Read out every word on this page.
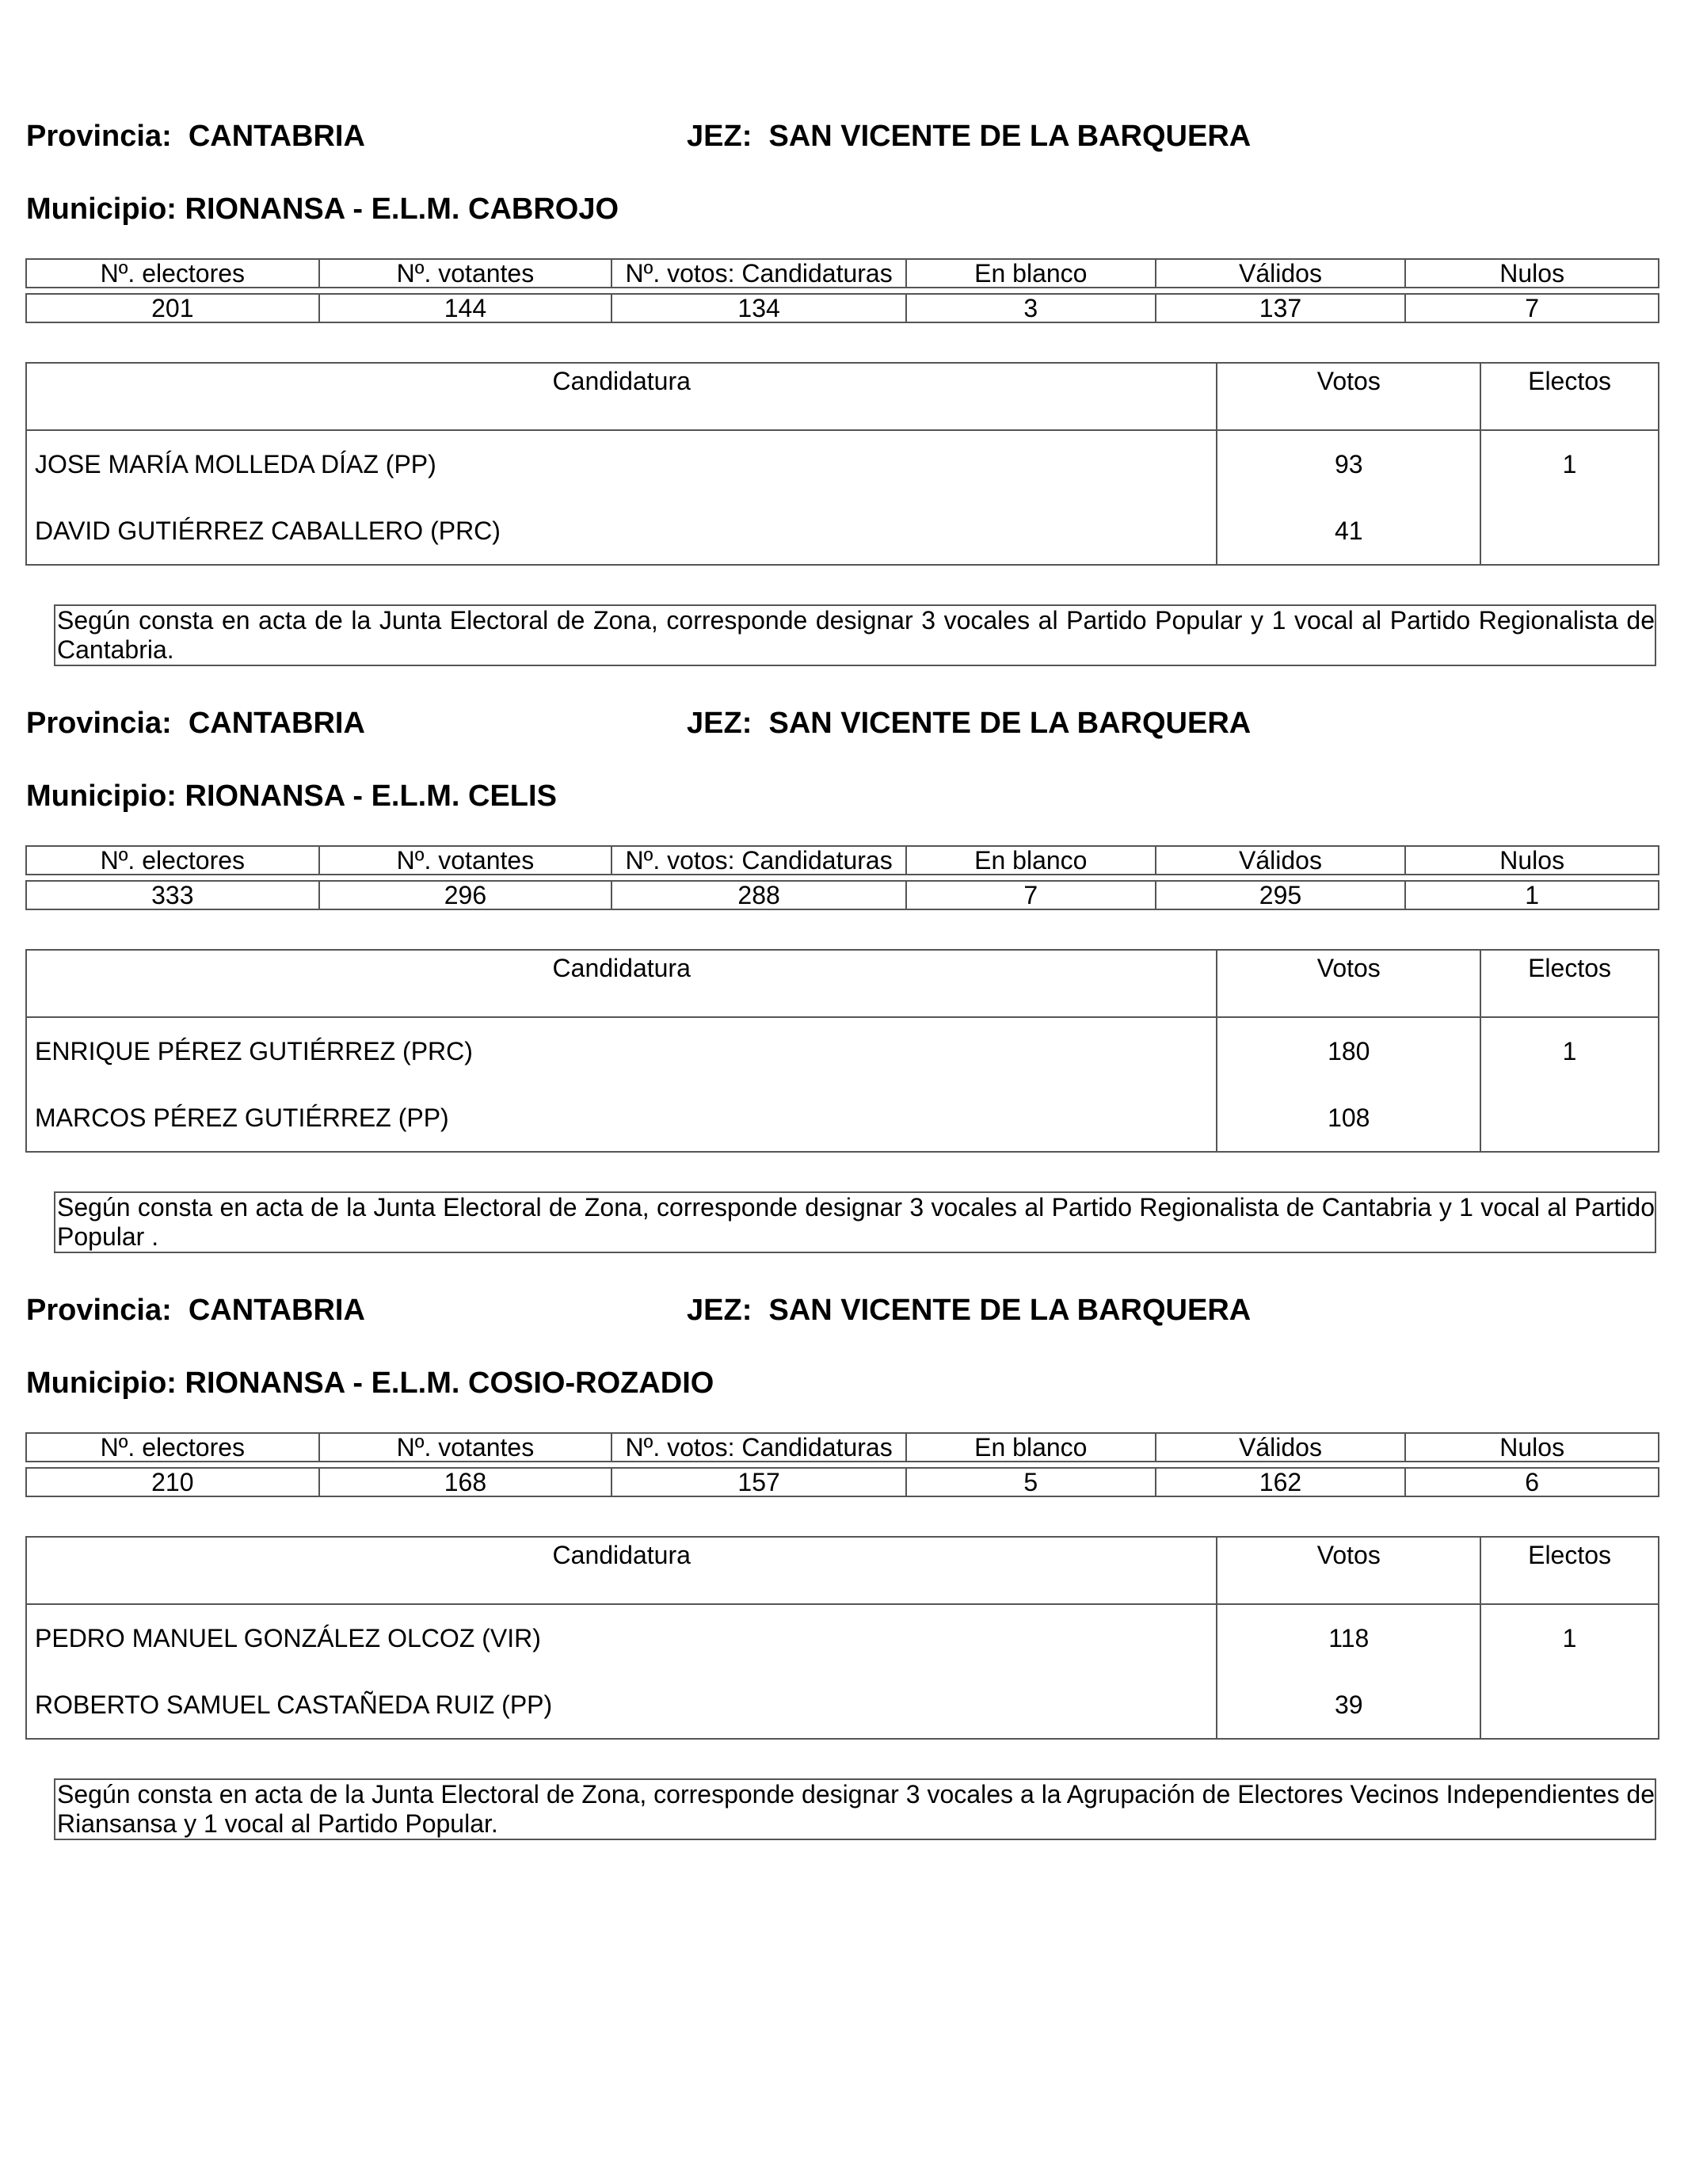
Provincia: CANTABRIA	JEZ: SAN VICENTE DE LA BARQUERA
Municipio: RIONANSA - E.L.M. CABROJO
Nº. electores	Nº. votantes	Nº. votos: Candidaturas	En blanco	Válidos	Nulos

201	144	134	3	137	7
Candidatura	Votos	Electos
JOSE MARÍA MOLLEDA DÍAZ (PP)	93	1
DAVID GUTIÉRREZ CABALLERO (PRC)	41	
Según consta en acta de la Junta Electoral de Zona, corresponde designar 3 vocales al Partido Popular y 1 vocal al Partido Regionalista de Cantabria.
Provincia: CANTABRIA	JEZ: SAN VICENTE DE LA BARQUERA
Municipio: RIONANSA - E.L.M. CELIS
Nº. electores	Nº. votantes	Nº. votos: Candidaturas	En blanco	Válidos	Nulos

333	296	288	7	295	1
Candidatura	Votos	Electos
ENRIQUE PÉREZ GUTIÉRREZ (PRC)	180	1
MARCOS PÉREZ GUTIÉRREZ (PP)	108	
Según consta en acta de la Junta Electoral de Zona, corresponde designar 3 vocales al Partido Regionalista de Cantabria y 1 vocal al Partido Popular .
Provincia: CANTABRIA	JEZ: SAN VICENTE DE LA BARQUERA
Municipio: RIONANSA - E.L.M. COSIO-ROZADIO
Nº. electores	Nº. votantes	Nº. votos: Candidaturas	En blanco	Válidos	Nulos

210	168	157	5	162	6
Candidatura	Votos	Electos
PEDRO MANUEL GONZÁLEZ OLCOZ (VIR)	118	1
ROBERTO SAMUEL CASTAÑEDA RUIZ (PP)	39	
Según consta en acta de la Junta Electoral de Zona, corresponde designar 3 vocales a la Agrupación de Electores Vecinos Independientes de Riansansa y 1 vocal al Partido Popular.
